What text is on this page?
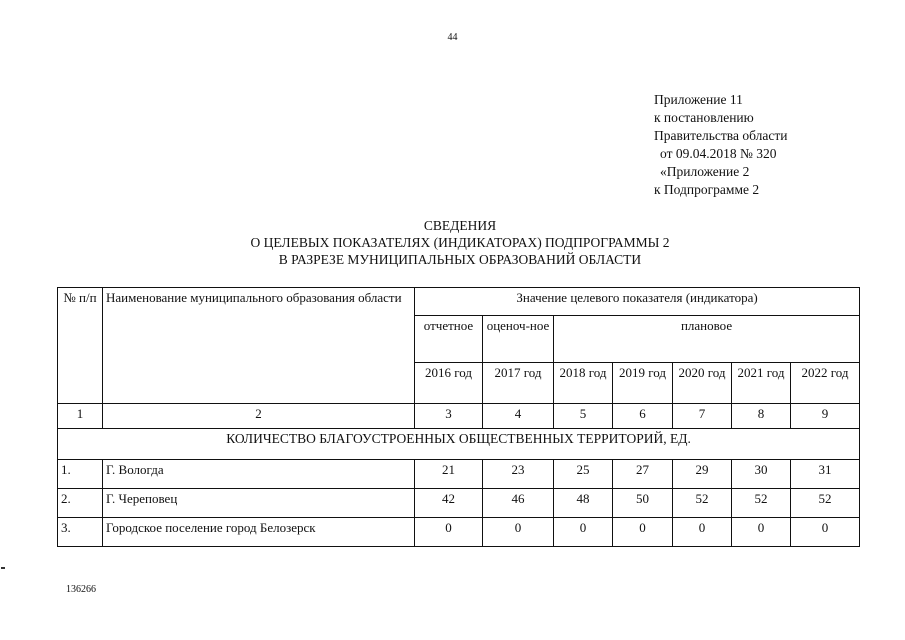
44
Приложение 11
к постановлению
Правительства области
от 09.04.2018 № 320
«Приложение 2
к Подпрограмме 2
СВЕДЕНИЯ
О ЦЕЛЕВЫХ ПОКАЗАТЕЛЯХ (ИНДИКАТОРАХ) ПОДПРОГРАММЫ 2
В РАЗРЕЗЕ МУНИЦИПАЛЬНЫХ ОБРАЗОВАНИЙ ОБЛАСТИ
№ п/п	Наименование муниципального образования области	Значение целевого показателя (индикатора)						
		отчетное	оценоч-ное	плановое				
		2016 год	2017 год	2018 год	2019 год	2020 год	2021 год	2022 год
1	2	3	4	5	6	7	8	9
КОЛИЧЕСТВО БЛАГОУСТРОЕННЫХ ОБЩЕСТВЕННЫХ ТЕРРИТОРИЙ, ЕД.								
1.	Г. Вологда	21	23	25	27	29	30	31
2.	Г. Череповец	42	46	48	50	52	52	52
3.	Городское поселение город Белозерск	0	0	0	0	0	0	0
136266
